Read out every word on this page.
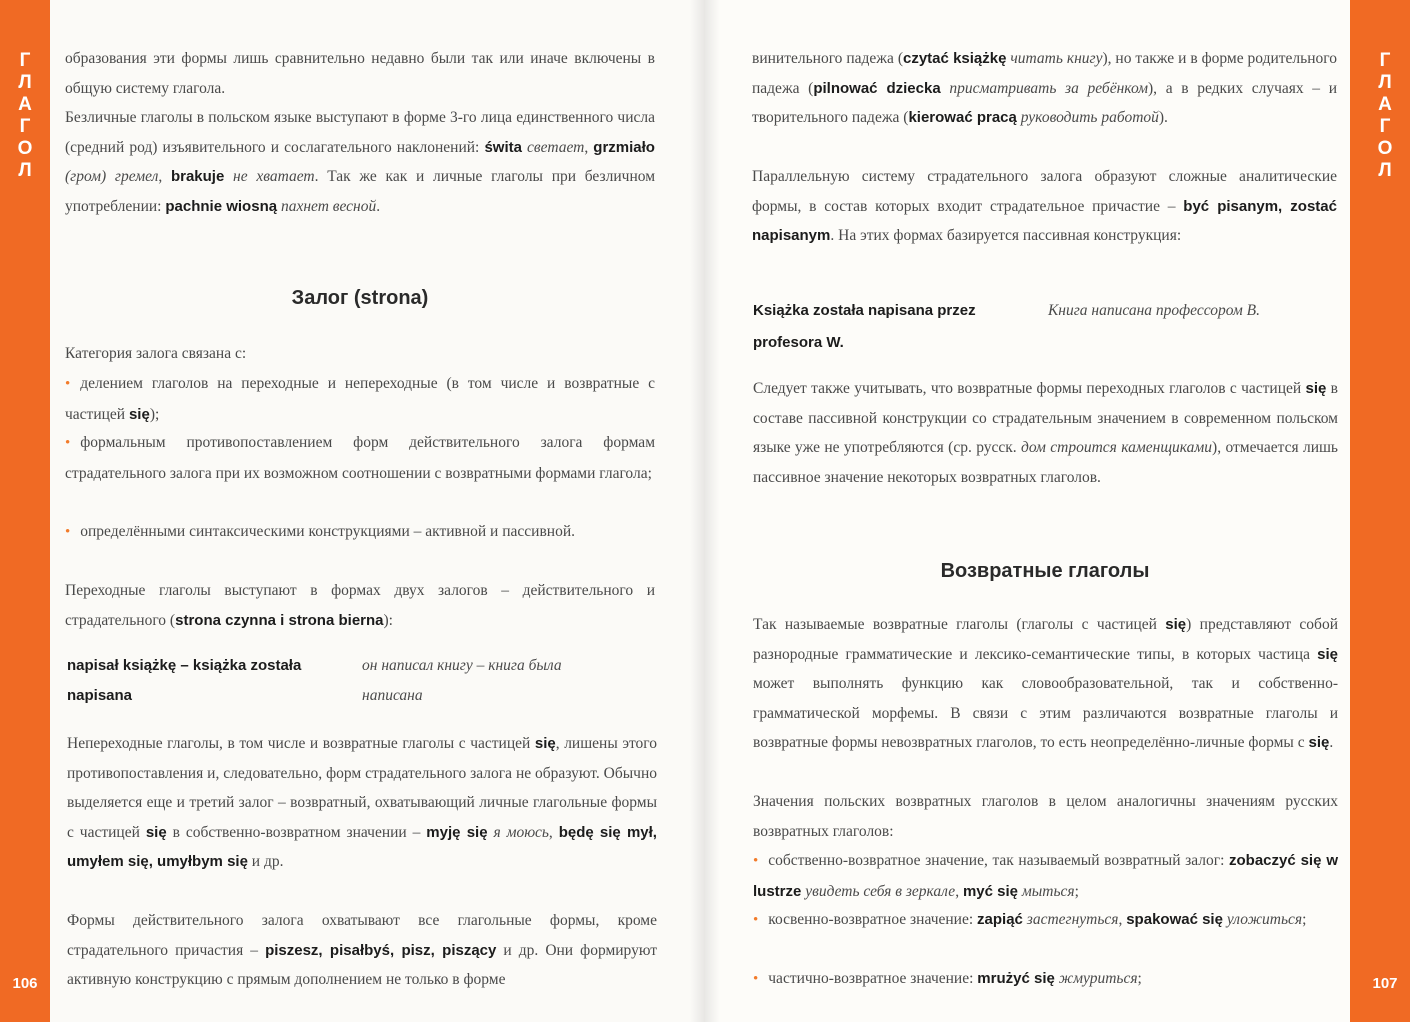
Г
Л
А
Г
О
Л
106
Г
Л
А
Г
О
Л
107
образования эти формы лишь сравнительно недавно были так или иначе включены в общую систему глагола.
Безличные глаголы в польском языке выступают в форме 3-го лица единственного числа (средний род) изъявительного и сослагательного наклонений: świta светает, grzmiało (гром) гремел, brakuje не хватает. Так же как и личные глаголы при безличном употреблении: pachnie wiosną пахнет весной.
Залог (strona)
Категория залога связана с:
• делением глаголов на переходные и непереходные (в том числе и возвратные с частицей się);
• формальным противопоставлением форм действительного залога формам страдательного залога при их возможном соотношении с возвратными формами глагола;
• определёнными синтаксическими конструкциями – активной и пассивной.
Переходные глаголы выступают в формах двух залогов – действительного и страдательного (strona czynna i strona bierna):
napisał książkę – książka została
napisana
он написал книгу – книга была
написана
Непереходные глаголы, в том числе и возвратные глаголы с частицей się, лишены этого противопоставления и, следовательно, форм страдательного залога не образуют. Обычно выделяется еще и третий залог – возвратный, охватывающий личные глагольные формы с частицей się в собственно-возвратном значении – myję się я моюсь, będę się mył, umyłem się, umyłbym się и др.
Формы действительного залога охватывают все глагольные формы, кроме страдательного причастия – piszesz, pisałbyś, pisz, piszący и др. Они формируют активную конструкцию с прямым дополнением не только в форме
винительного падежа (czytać książkę читать книгу), но также и в форме родительного падежа (pilnować dziecka присматривать за ребёнком), а в редких случаях – и творительного падежа (kierować pracą руководить работой).
Параллельную систему страдательного залога образуют сложные аналитические формы, в состав которых входит страдательное причастие – być pisanym, zostać napisanym. На этих формах базируется пассивная конструкция:
Książka została napisana przez
profesora W.
Книга написана профессором В.
Следует также учитывать, что возвратные формы переходных глаголов с частицей się в составе пассивной конструкции со страдательным значением в современном польском языке уже не употребляются (ср. русск. дом строится каменщиками), отмечается лишь пассивное значение некоторых возвратных глаголов.
Возвратные глаголы
Так называемые возвратные глаголы (глаголы с частицей się) представляют собой разнородные грамматические и лексико-семантические типы, в которых частица się может выполнять функцию как словообразовательной, так и собственно-грамматической морфемы. В связи с этим различаются возвратные глаголы и возвратные формы невозвратных глаголов, то есть неопределённо-личные формы с się.
Значения польских возвратных глаголов в целом аналогичны значениям русских возвратных глаголов:
• собственно-возвратное значение, так называемый возвратный залог: zobaczyć się w lustrze увидеть себя в зеркале, myć się мыться;
• косвенно-возвратное значение: zapiąć застегнуться, spakować się уложиться;
• частично-возвратное значение: mrużyć się жмуриться;
